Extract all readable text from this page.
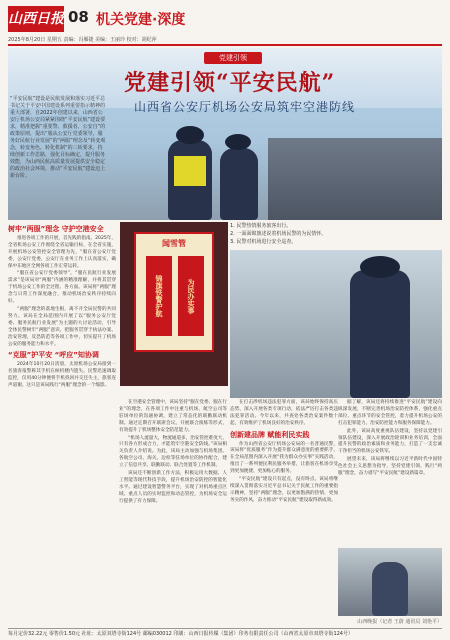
山西日报 08 机关党建·深度
2025年8月20日 星期五 责编：冯雁捷 美编：王丽玲 校对：胡纪萍
党建引领
党建引领“平安民航”
山西省公安厅机场公安局筑牢空港防线
“平安民航”建设是民航发展和落实习近平总书记关于平安中国建设系列重要指示精神的重大部署，自2022年创建以来，山西省公安厅机场公安局紧紧围绕“平安民航”建设要求，精准把握“重要警、救援者、公安自”的政策原则，提出“服从公安厅党委领导，服务好民航行业发展”的“两服”理念及“转变观念，转变角色，转化机制”的三转要求，持续创新工作思路，强化目标确定，提升服务效能，为山西民航高质量发展提供安全稳定的政治社会环境，推动“平安民航”建设迈上新台阶。
树牢“两服”理念 守护空港安全

推进各项工作的开展，首先践的指南。2025年，全省机场公安工作围绕全省运输目标，在全省实施，开展机场公安管控安全管理为先，“服在省公安厅党委，公安厅党委，公安厅在业务工作上认真落实，确保中东地区全网各项工作正常运转。

“服在省公安厅党委领导”，“服在民航行业发展需求”是该局对“两服”内涵的精准理解，并将其贯穿于机场公安工作的全过程、各方面。该局将“两服”理念与日常工作深度融合，推动机场治安秩序持续向好。

“两服”理念的落地生根，离不开全局民警的共同努力。该局在全局范围内开展了以“服务公安厅党委、服务民航行业发展”为主题的大讨论活动，引导全体民警树牢“两服”意识，把服务贯穿于执法办案、治安管理、反恐防范等各项工作中，切实提升了机场公安的服务能力和水平。

“克服”护平安 “呼应”知协调

2024年10月20日清晨，太原机场公安局接到一名旅客报警称其手机在候机楼内遗失。民警迅速调取监控，仅用40分钟便将手机找回并交还失主，旅客连声道谢。这只是该局践行“两服”理念的一个缩影。

闻雪管
锦旗铁警护航	为民办实事
1. 民警热情服务旅客出行。
2. 一面面锦旗述说着机场民警的为民情怀。
3. 民警对机场进行安全巡查。

在空港安全管理中，该局坚持“服在党委、服在行业”的理念，在各项工作中注重与机场、航空公司等驻场单位的沟通协调，建立了常态化的联勤联动机制。通过定期召开联席会议、开展联合演练等形式，有效提升了机场整体安全防范能力。

“机场人流量大，物流通道多，治安管控难度大，只有各方形成合力，才能筑牢空港安全防线。”该局相关负责人介绍说。为此，该局主动加强与机场集团、各航空公司、海关、边检等驻场单位的协作配合，建立了信息共享、联勤联动、联合处置等工作机制。

该局还不断创新工作方法，积极运用大数据、人工智能等现代科技手段，提升机场治安防控的智能化水平。通过建设智慧警务平台，实现了对机场重点区域、重点人员的实时监控和动态管控，为机场安全运行提供了有力保障。

在打击涉机场违法犯罪方面，该局始终保持高压态势，深入开展各类专项行动，依法严厉打击各类违法犯罪活动。今年以来，共查处各类治安案件数十起，有效维护了机场良好的治安秩序。

创新建品牌 赋能利民实践

作为山西省公安厅机场公安局的一名普通民警，该局将“优质服务”作为提升群众满意度的重要抓手，在全局范围内深入开展“我为群众办实事”实践活动，推出了一系列便民利民服务举措，让旅客在机场享受到更加便捷、更加贴心的服务。

“平安民航”建设只有起点，没有终点。该局将继续深入贯彻落实习近平总书记关于民航工作的重要指示精神，坚持“两服”理念，以更加饱满的热情、更加务实的作风，奋力推动“平安民航”建设取得新成效。

据了解，该局还将持续推进“平安民航”建设向纵深发展，不断完善机场治安防控体系，强化重点部位、重点环节的安全管控，着力提升机场公安的打击犯罪能力、治安防控能力和服务保障能力。

此外，该局高度重视队伍建设，坚持以党建引领队伍建设，深入开展政治轮训和业务培训，全面提升民警的政治素质和业务能力，打造了一支忠诚干净担当的机场公安铁军。

展望未来，该局将继续以习近平新时代中国特色社会主义思想为指导，坚持党建引领，践行“两服”理念，奋力谱写“平安民航”建设新篇章。

山西晚报（记者 王蔚 通讯员 刘艳平）
每月定价32.22元 零售价1.50元 社址：太原双塔寺街124号 邮编030012 印刷：山西日报传媒（集团）印务有限责任公司（山西省太原市双塔寺街124号）
